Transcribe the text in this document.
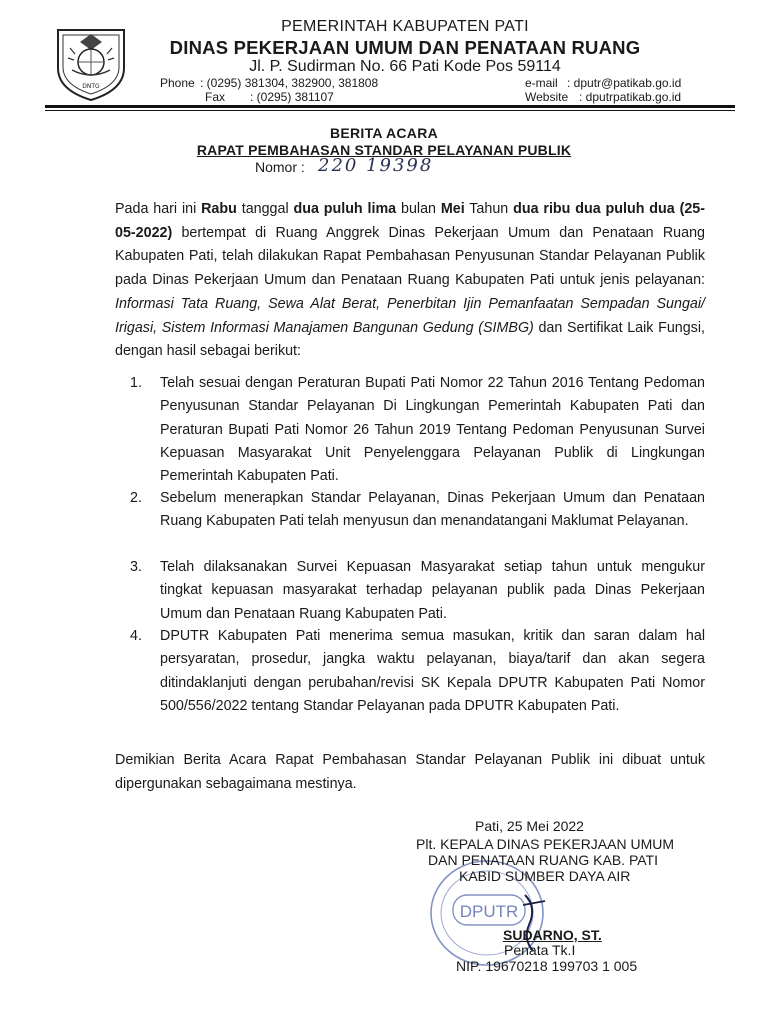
DNTG
PEMERINTAH KABUPATEN PATI
DINAS PEKERJAAN UMUM DAN PENATAAN RUANG
Jl. P. Sudirman No. 66 Pati Kode Pos 59114
Phone : (0295) 381304, 382900, 381808
Fax : (0295) 381107
e-mail : dputr@patikab.go.id
Website : dputrpatikab.go.id
BERITA ACARA
RAPAT PEMBAHASAN STANDAR PELAYANAN PUBLIK
Nomor : 220 19398
Pada hari ini Rabu tanggal dua puluh lima bulan Mei Tahun dua ribu dua puluh dua (25-05-2022) bertempat di Ruang Anggrek Dinas Pekerjaan Umum dan Penataan Ruang Kabupaten Pati, telah dilakukan Rapat Pembahasan Penyusunan Standar Pelayanan Publik pada Dinas Pekerjaan Umum dan Penataan Ruang Kabupaten Pati untuk jenis pelayanan: Informasi Tata Ruang, Sewa Alat Berat, Penerbitan Ijin Pemanfaatan Sempadan Sungai/ Irigasi, Sistem Informasi Manajamen Bangunan Gedung (SIMBG) dan Sertifikat Laik Fungsi, dengan hasil sebagai berikut:
1.	Telah sesuai dengan Peraturan Bupati Pati Nomor 22 Tahun 2016 Tentang Pedoman Penyusunan Standar Pelayanan Di Lingkungan Pemerintah Kabupaten Pati dan Peraturan Bupati Pati Nomor 26 Tahun 2019 Tentang Pedoman Penyusunan Survei Kepuasan Masyarakat Unit Penyelenggara Pelayanan Publik di Lingkungan Pemerintah Kabupaten Pati.
2.	Sebelum menerapkan Standar Pelayanan, Dinas Pekerjaan Umum dan Penataan Ruang Kabupaten Pati telah menyusun dan menandatangani Maklumat Pelayanan.
3.	Telah dilaksanakan Survei Kepuasan Masyarakat setiap tahun untuk mengukur tingkat kepuasan masyarakat terhadap pelayanan publik pada Dinas Pekerjaan Umum dan Penataan Ruang Kabupaten Pati.
4.	DPUTR Kabupaten Pati menerima semua masukan, kritik dan saran dalam hal persyaratan, prosedur, jangka waktu pelayanan, biaya/tarif dan akan segera ditindaklanjuti dengan perubahan/revisi SK Kepala DPUTR Kabupaten Pati Nomor 500/556/2022 tentang Standar Pelayanan pada DPUTR Kabupaten Pati.
Demikian Berita Acara Rapat Pembahasan Standar Pelayanan Publik ini dibuat untuk dipergunakan sebagaimana mestinya.
DPUTR
Pati, 25 Mei 2022
Plt. KEPALA DINAS PEKERJAAN UMUM
DAN PENATAAN RUANG KAB. PATI
KABID SUMBER DAYA AIR
SUDARNO, ST.
Penata Tk.I
NIP. 19670218 199703 1 005
